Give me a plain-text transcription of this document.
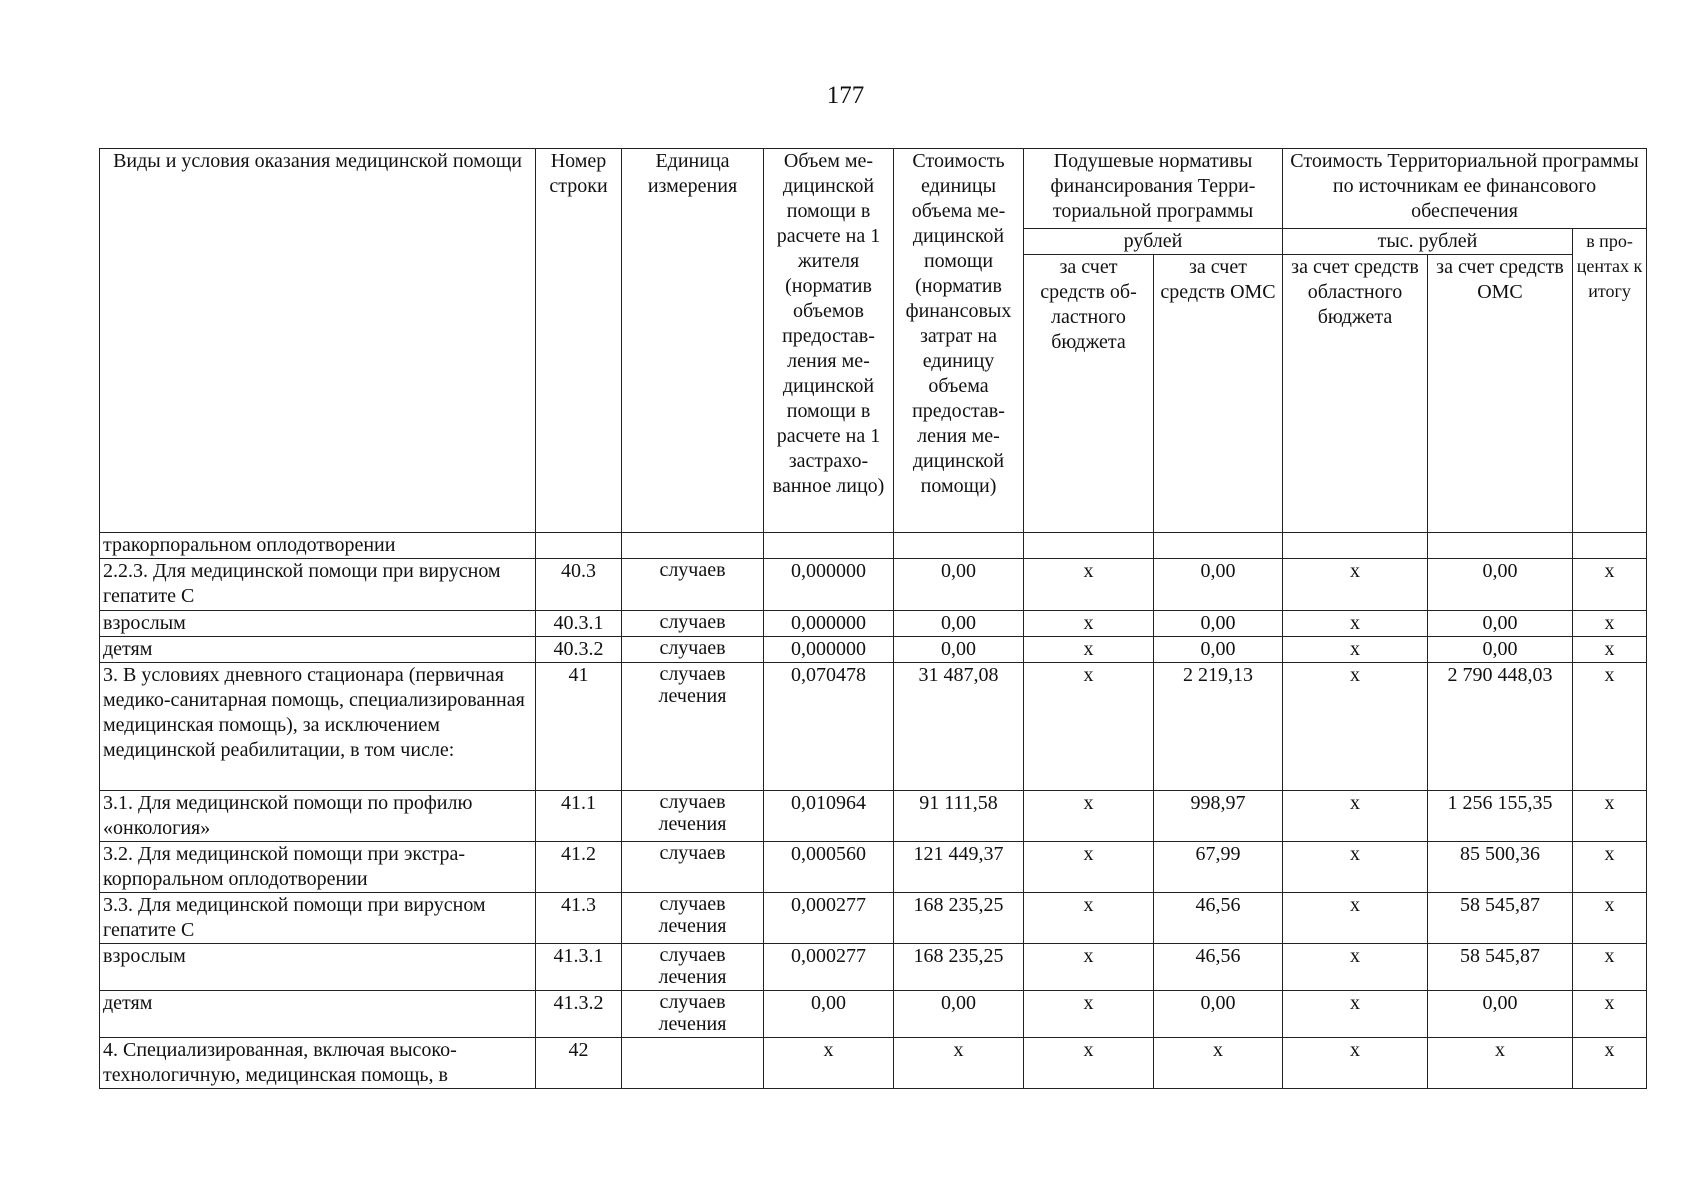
177
Виды и условия оказания медицинской помощи	Номер строки	Единица измерения	Объем медицинской помощи в расчете на 1 жителя (норматив объемов предоставления медицинской помощи в расчете на 1 застрахованное лицо)	Стоимость единицы объема медицинской помощи (норматив финансовых затрат на единицу объема предоставления медицинской помощи)	Подушевые нормативы финансирования Территориальной программы		Стоимость Территориальной программы по источникам ее финансового обеспечения		
					рублей		тыс. рублей		в процентах к итогу
					за счет средств областного бюджета	за счет средств ОМС	за счет средств областного бюджета	за счет средств ОМС	
тракорпоральном оплодотворении									
2.2.3. Для медицинской помощи при вирусном гепатите С	40.3	случаев	0,000000	0,00	x	0,00	x	0,00	x
взрослым	40.3.1	случаев	0,000000	0,00	x	0,00	x	0,00	x
детям	40.3.2	случаев	0,000000	0,00	x	0,00	x	0,00	x
3. В условиях дневного стационара (первичная медико-санитарная помощь, специализированная медицинская помощь), за исключением медицинской реабилитации, в том числе:	41	случаев лечения	0,070478	31 487,08	x	2 219,13	x	2 790 448,03	x
3.1. Для медицинской помощи по профилю «онкология»	41.1	случаев лечения	0,010964	91 111,58	x	998,97	x	1 256 155,35	x
3.2. Для медицинской помощи при экстракорпоральном оплодотворении	41.2	случаев	0,000560	121 449,37	x	67,99	x	85 500,36	x
3.3. Для медицинской помощи при вирусном гепатите С	41.3	случаев лечения	0,000277	168 235,25	x	46,56	x	58 545,87	x
взрослым	41.3.1	случаев лечения	0,000277	168 235,25	x	46,56	x	58 545,87	x
детям	41.3.2	случаев лечения	0,00	0,00	x	0,00	x	0,00	x
4. Специализированная, включая высокотехнологичную, медицинская помощь, в	42		x	x	x	x	x	x	x
